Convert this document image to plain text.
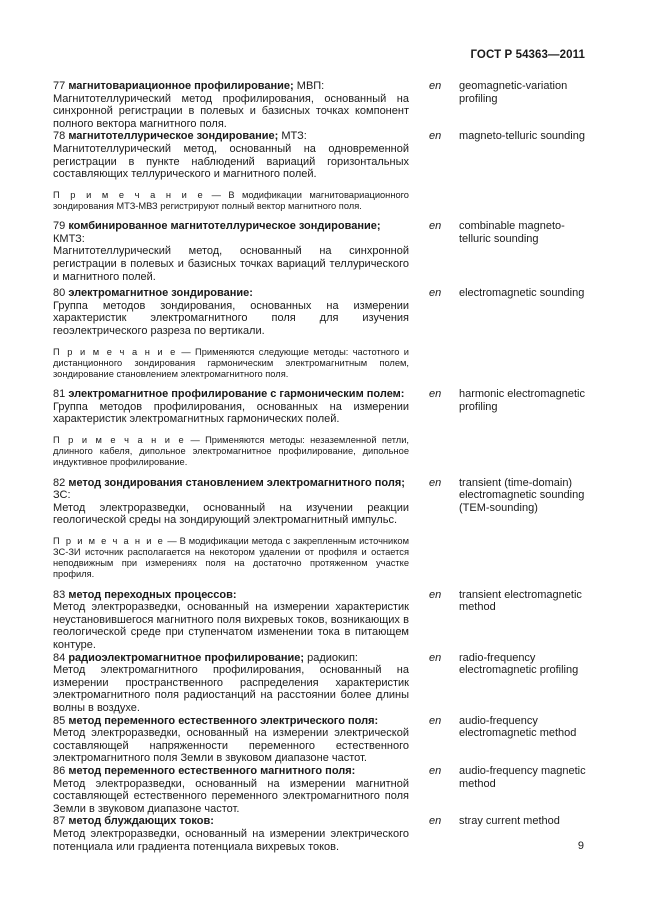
ГОСТ Р 54363—2011
77 магнитовариационное профилирование; МВП:
Магнитотеллурический метод профилирования, основанный на синхронной регистрации в полевых и базисных точках компонент полного вектора магнитного поля.
en geomagnetic-variation profiling
78 магнитотеллурическое зондирование; МТЗ:
Магнитотеллурический метод, основанный на одновременной регистрации в пункте наблюдений вариаций горизонтальных составляющих теллурического и магнитного полей.
П р и м е ч а н и е — В модификации магнитовариационного зондирования МТЗ-МВЗ регистрируют полный вектор магнитного поля.
en magneto-telluric sounding
79 комбинированное магнитотеллурическое зондирование; КМТЗ:
Магнитотеллурический метод, основанный на синхронной регистрации в полевых и базисных точках вариаций теллурического и магнитного полей.
en combinable magneto-telluric sounding
80 электромагнитное зондирование:
Группа методов зондирования, основанных на измерении характеристик электромагнитного поля для изучения геоэлектрического разреза по вертикали.
П р и м е ч а н и е — Применяются следующие методы: частотного и дистанционного зондирования гармоническим электромагнитным полем, зондирование становлением электромагнитного поля.
en electromagnetic sounding
81 электромагнитное профилирование с гармоническим полем:
Группа методов профилирования, основанных на измерении характеристик электромагнитных гармонических полей.
П р и м е ч а н и е — Применяются методы: незаземленной петли, длинного кабеля, дипольное электромагнитное профилирование, дипольное индуктивное профилирование.
en harmonic electromagnetic profiling
82 метод зондирования становлением электромагнитного поля; ЗС:
Метод электроразведки, основанный на изучении реакции геологической среды на зондирующий электромагнитный импульс.
П р и м е ч а н и е — В модификации метода с закрепленным источником ЗС-ЗИ источник располагается на некотором удалении от профиля и остается неподвижным при измерениях поля на достаточно протяженном участке профиля.
en transient (time-domain) electromagnetic sounding (TEM-sounding)
83 метод переходных процессов:
Метод электроразведки, основанный на измерении характеристик неустановившегося магнитного поля вихревых токов, возникающих в геологической среде при ступенчатом изменении тока в питающем контуре.
en transient electromagnetic method
84 радиоэлектромагнитное профилирование; радиокип:
Метод электромагнитного профилирования, основанный на измерении пространственного распределения характеристик электромагнитного поля радиостанций на расстоянии более длины волны в воздухе.
en radio-frequency electromagnetic profiling
85 метод переменного естественного электрического поля:
Метод электроразведки, основанный на измерении электрической составляющей напряженности переменного естественного электромагнитного поля Земли в звуковом диапазоне частот.
en audio-frequency electromagnetic method
86 метод переменного естественного магнитного поля:
Метод электроразведки, основанный на измерении магнитной составляющей естественного переменного электромагнитного поля Земли в звуковом диапазоне частот.
en audio-frequency magnetic method
87 метод блуждающих токов:
Метод электроразведки, основанный на измерении электрического потенциала или градиента потенциала вихревых токов.
en stray current method
9
